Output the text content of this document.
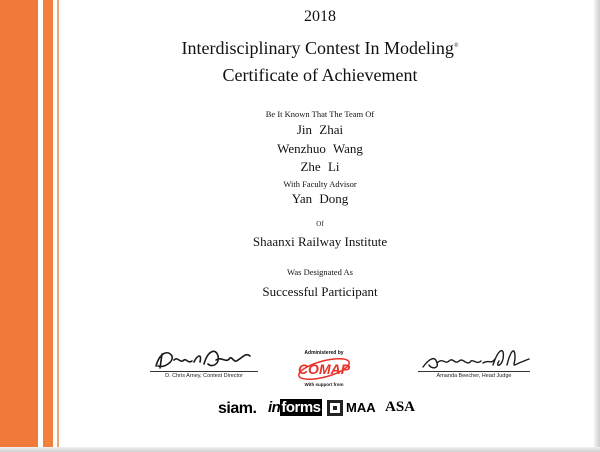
2018
Interdisciplinary Contest In Modeling®
Certificate of Achievement
Be It Known That The Team Of
Jin Zhai
Wenzhuo Wang
Zhe Li
With Faculty Advisor
Yan Dong
Of
Shaanxi Railway Institute
Was Designated As
Successful Participant
D. Chris Arney, Contest Director
Administered by
COMAP
With support from
Amanda Beecher, Head Judge
siam. informs MAA ASA
